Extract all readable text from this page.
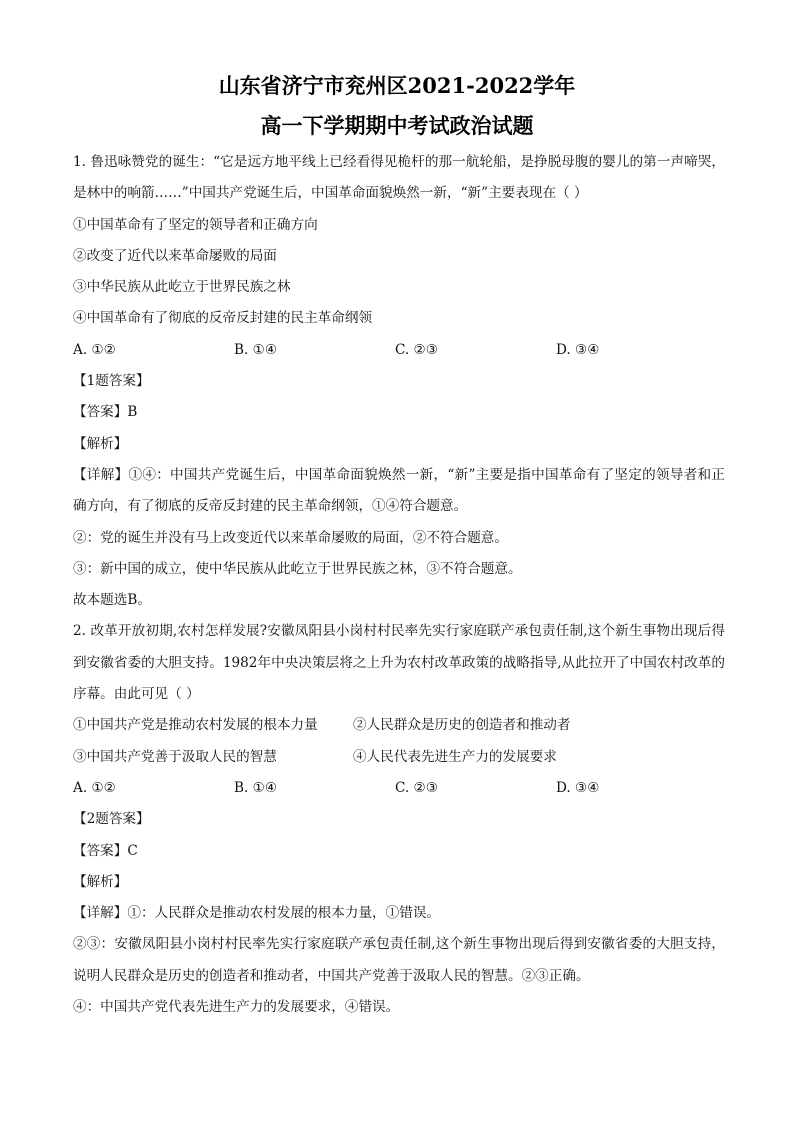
山东省济宁市兖州区2021-2022学年
高一下学期期中考试政治试题
1. 鲁迅咏赞党的诞生：“它是远方地平线上已经看得见桅杆的那一航轮船，是挣脱母腹的婴儿的第一声啼哭，是林中的响箭……”中国共产党诞生后，中国革命面貌焕然一新，“新”主要表现在（ ）
①中国革命有了坚定的领导者和正确方向
②改变了近代以来革命屡败的局面
③中华民族从此屹立于世界民族之林
④中国革命有了彻底的反帝反封建的民主革命纲领
A. ①②	B. ①④	C. ②③	D. ③④
【1题答案】
【答案】B
【解析】
【详解】①④：中国共产党诞生后，中国革命面貌焕然一新，“新”主要是指中国革命有了坚定的领导者和正确方向，有了彻底的反帝反封建的民主革命纲领，①④符合题意。
②：党的诞生并没有马上改变近代以来革命屡败的局面，②不符合题意。
③：新中国的成立，使中华民族从此屹立于世界民族之林，③不符合题意。
故本题选B。
2. 改革开放初期,农村怎样发展?安徽凤阳县小岗村村民率先实行家庭联产承包责任制,这个新生事物出现后得到安徽省委的大胆支持。1982年中央决策层将之上升为农村改革政策的战略指导,从此拉开了中国农村改革的序幕。由此可见（ ）
①中国共产党是推动农村发展的根本力量	②人民群众是历史的创造者和推动者
③中国共产党善于汲取人民的智慧	④人民代表先进生产力的发展要求
A. ①②	B. ①④	C. ②③	D. ③④
【2题答案】
【答案】C
【解析】
【详解】①：人民群众是推动农村发展的根本力量，①错误。
②③：安徽凤阳县小岗村村民率先实行家庭联产承包责任制,这个新生事物出现后得到安徽省委的大胆支持，说明人民群众是历史的创造者和推动者，中国共产党善于汲取人民的智慧。②③正确。
④：中国共产党代表先进生产力的发展要求，④错误。
